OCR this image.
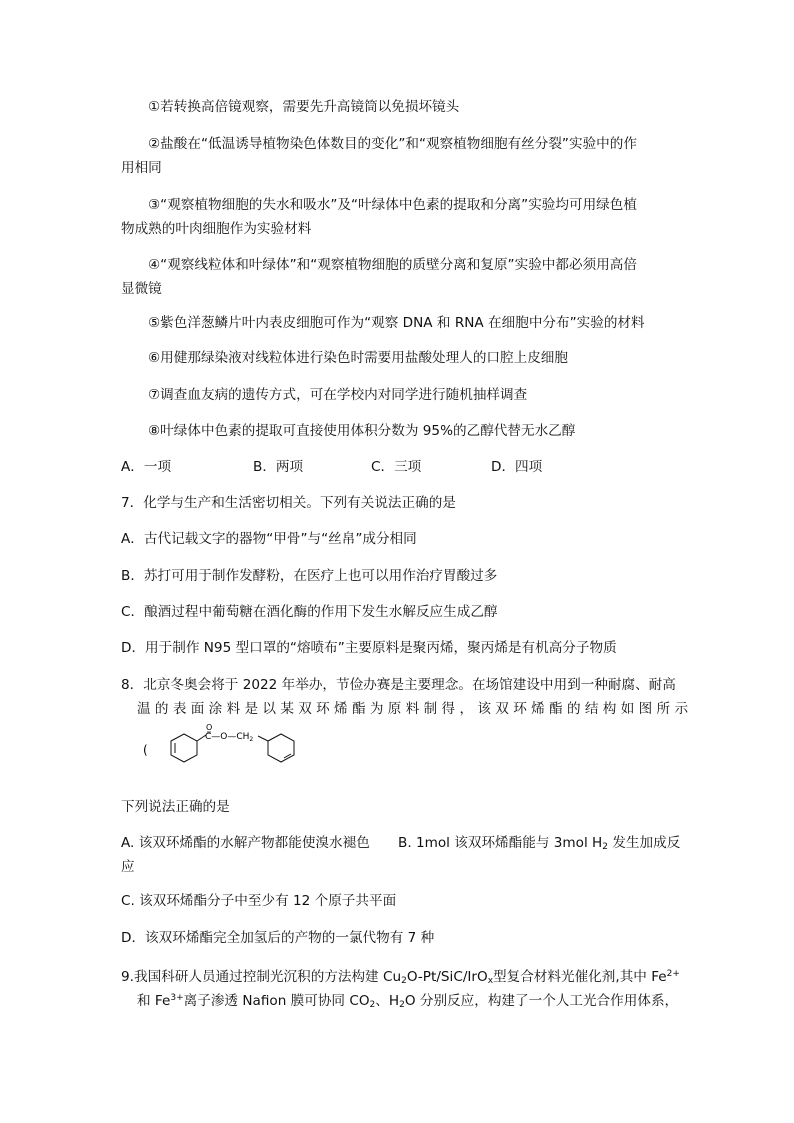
①若转换高倍镜观察，需要先升高镜筒以免损坏镜头
②盐酸在“低温诱导植物染色体数目的变化”和“观察植物细胞有丝分裂”实验中的作
用相同
③“观察植物细胞的失水和吸水”及“叶绿体中色素的提取和分离”实验均可用绿色植
物成熟的叶肉细胞作为实验材料
④“观察线粒体和叶绿体”和“观察植物细胞的质壁分离和复原”实验中都必须用高倍
显微镜
⑤紫色洋葱鳞片叶内表皮细胞可作为“观察 DNA 和 RNA 在细胞中分布”实验的材料
⑥用健那绿染液对线粒体进行染色时需要用盐酸处理人的口腔上皮细胞
⑦调查血友病的遗传方式，可在学校内对同学进行随机抽样调查
⑧叶绿体中色素的提取可直接使用体积分数为 95%的乙醇代替无水乙醇
A．一项	B．两项	C．三项	D．四项
7．化学与生产和生活密切相关。下列有关说法正确的是
A．古代记载文字的器物“甲骨”与“丝帛”成分相同
B．苏打可用于制作发酵粉，在医疗上也可以用作治疗胃酸过多
C．酿酒过程中葡萄糖在酒化酶的作用下发生水解反应生成乙醇
D．用于制作 N95 型口罩的“熔喷布”主要原料是聚丙烯，聚丙烯是有机高分子物质
8．北京冬奥会将于 2022 年举办，节俭办赛是主要理念。在场馆建设中用到一种耐腐、耐高
温 的 表 面 涂 料 是 以 某 双 环 烯 酯 为 原 料 制 得 ， 该 双 环 烯 酯 的 结 构 如 图 所 示
(
O
$C—O—CH_2$
下列说法正确的是
A. 该双环烯酯的水解产物都能使溴水褪色 B. 1mol 该双环烯酯能与 3mol $H_2$ 发生加成反
应
C. 该双环烯酯分子中至少有 12 个原子共平面
D．该双环烯酯完全加氢后的产物的一氯代物有 7 种
9.我国科研人员通过控制光沉积的方法构建 $Cu_2O-Pt/SiC/IrO_x$型复合材料光催化剂,其中 $Fe^{2+}$
和 $Fe^{3+}$离子渗透 Nafion 膜可协同 $CO_2$、$H_2O$ 分别反应，构建了一个人工光合作用体系，
